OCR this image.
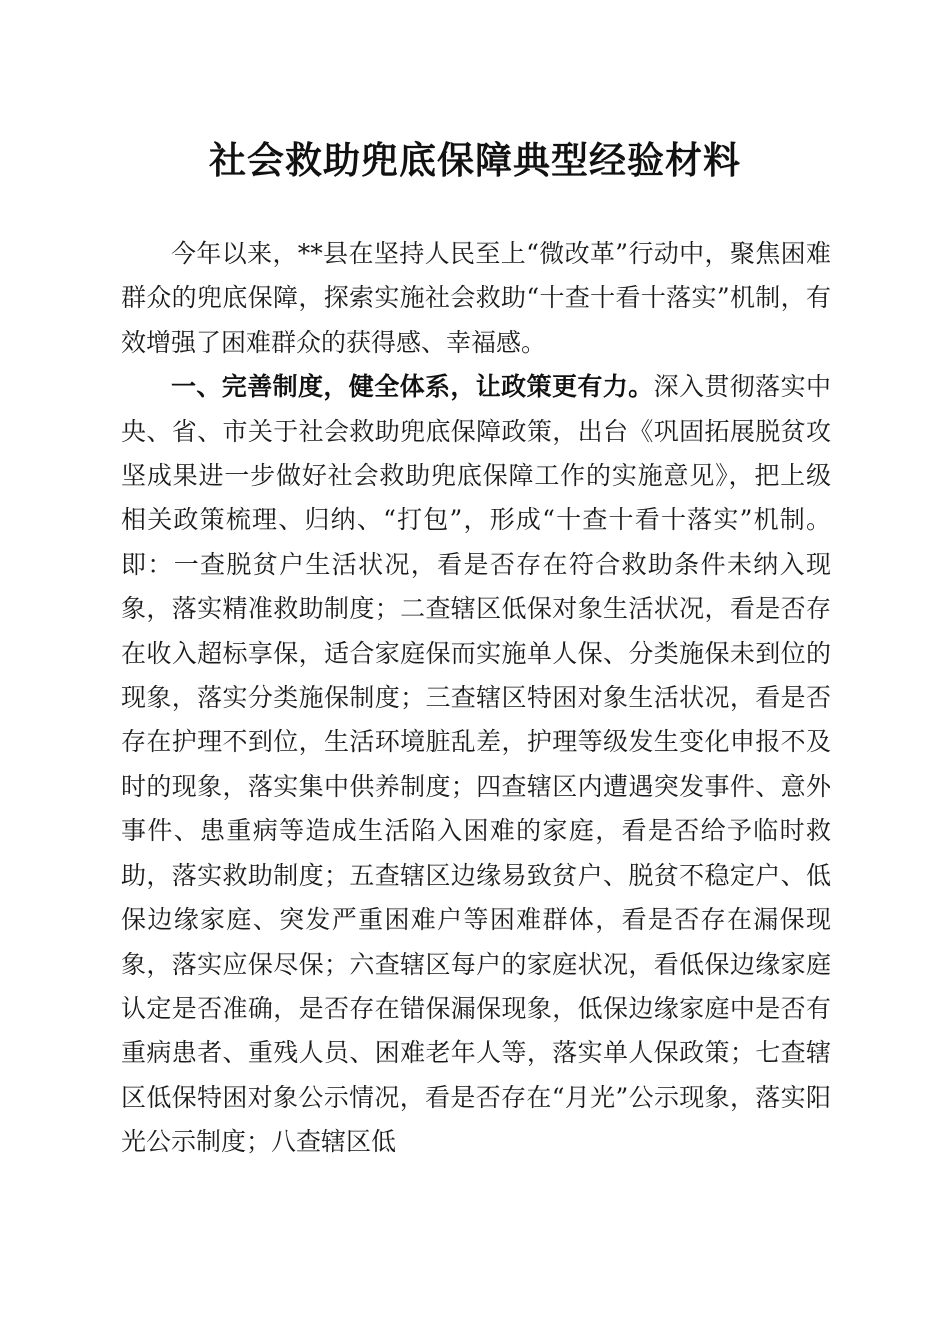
社会救助兜底保障典型经验材料

今年以来，**县在坚持人民至上“微改革”行动中，聚焦困难群众的兜底保障，探索实施社会救助“十查十看十落实”机制，有效增强了困难群众的获得感、幸福感。

一、完善制度，健全体系，让政策更有力。深入贯彻落实中央、省、市关于社会救助兜底保障政策，出台《巩固拓展脱贫攻坚成果进一步做好社会救助兜底保障工作的实施意见》，把上级相关政策梳理、归纳、“打包”，形成“十查十看十落实”机制。即：一查脱贫户生活状况，看是否存在符合救助条件未纳入现象，落实精准救助制度；二查辖区低保对象生活状况，看是否存在收入超标享保，适合家庭保而实施单人保、分类施保未到位的现象，落实分类施保制度；三查辖区特困对象生活状况，看是否存在护理不到位，生活环境脏乱差，护理等级发生变化申报不及时的现象，落实集中供养制度；四查辖区内遭遇突发事件、意外事件、患重病等造成生活陷入困难的家庭，看是否给予临时救助，落实救助制度；五查辖区边缘易致贫户、脱贫不稳定户、低保边缘家庭、突发严重困难户等困难群体，看是否存在漏保现象，落实应保尽保；六查辖区每户的家庭状况，看低保边缘家庭认定是否准确，是否存在错保漏保现象，低保边缘家庭中是否有重病患者、重残人员、困难老年人等，落实单人保政策；七查辖区低保特困对象公示情况，看是否存在“月光”公示现象，落实阳光公示制度；八查辖区低
